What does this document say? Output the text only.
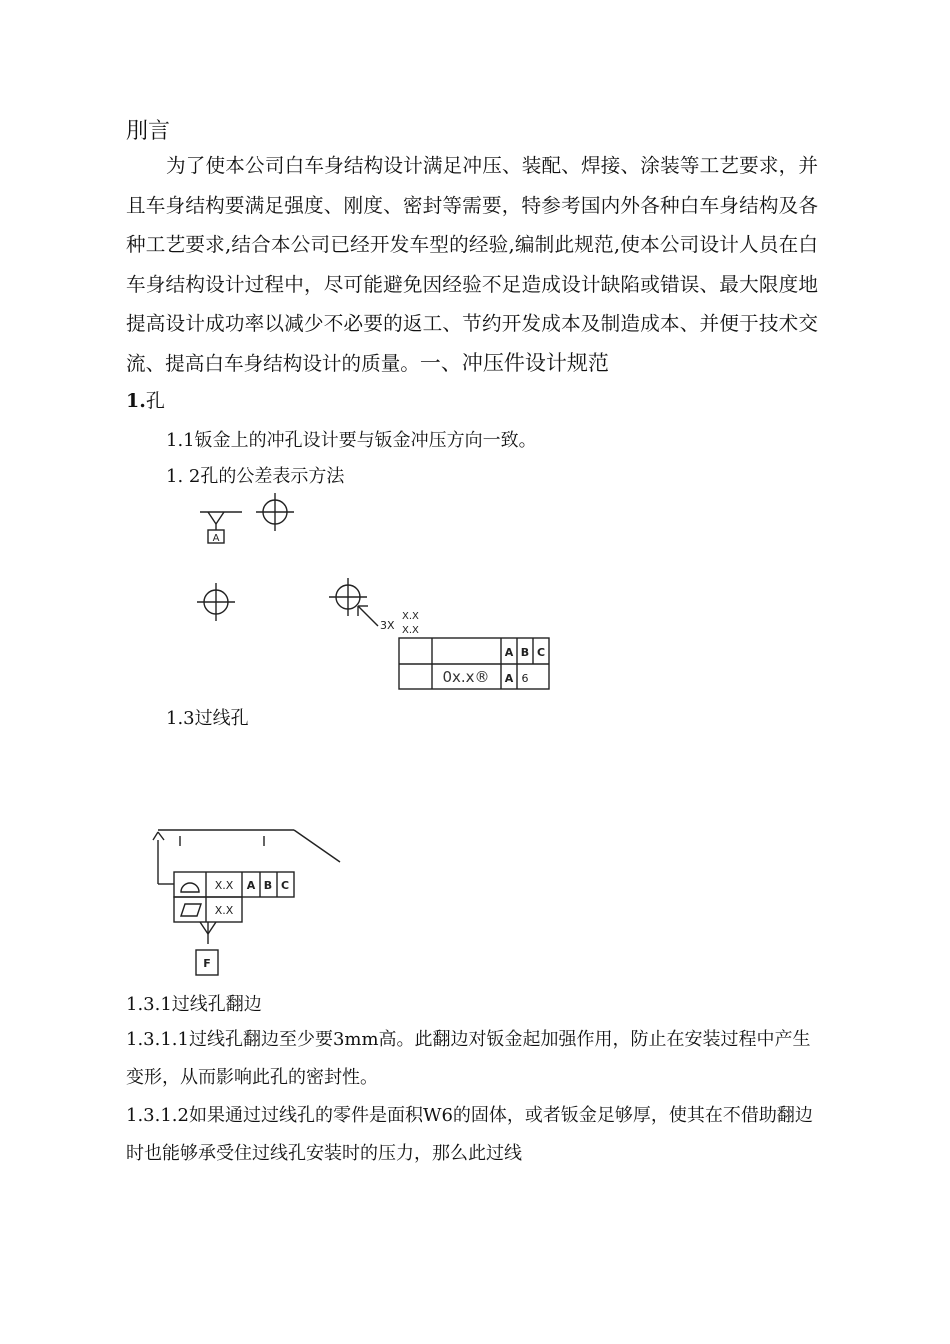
刖言
为了使本公司白车身结构设计满足冲压、装配、焊接、涂装等工艺要求，并且车身结构要满足强度、刚度、密封等需要，特参考国内外各种白车身结构及各种工艺要求,结合本公司已经开发车型的经验,编制此规范,使本公司设计人员在白车身结构设计过程中，尽可能避免因经验不足造成设计缺陷或错误、最大限度地提高设计成功率以减少不必要的返工、节约开发成本及制造成本、并便于技术交流、提高白车身结构设计的质量。一、冲压件设计规范
1.孔
1.1钣金上的冲孔设计要与钣金冲压方向一致。
1. 2孔的公差表示方法
A
3X
X.X
X.X
A B C
0x.x® A 6
1.3过线孔
X.X A B C
X.X
F
1.3.1过线孔翻边
1.3.1.1过线孔翻边至少要3mm高。此翻边对钣金起加强作用，防止在安装过程中产生变形，从而影响此孔的密封性。
1.3.1.2如果通过过线孔的零件是面积W6的固体，或者钣金足够厚，使其在不借助翻边时也能够承受住过线孔安装时的压力，那么此过线
